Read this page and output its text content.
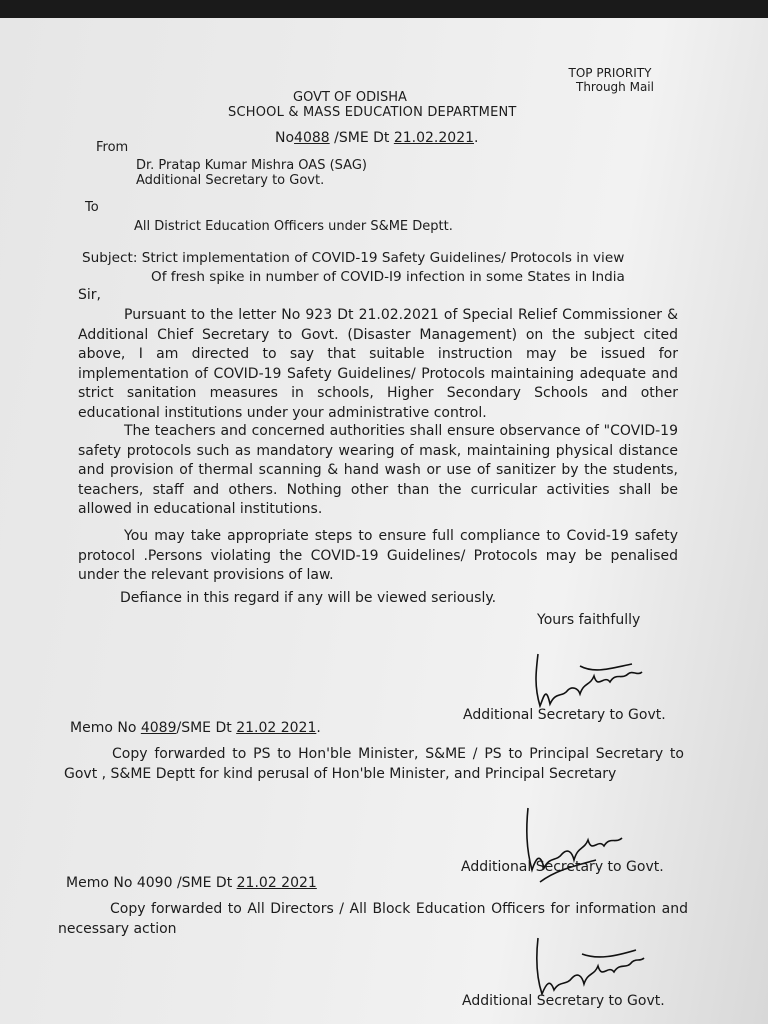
TOP PRIORITY
Through Mail
GOVT OF ODISHA
SCHOOL & MASS EDUCATION DEPARTMENT
No4088 /SME Dt 21.02.2021.
From
Dr. Pratap Kumar Mishra OAS (SAG)
Additional Secretary to Govt.
To
All District Education Officers under S&ME Deptt.
Subject: Strict implementation of COVID-19 Safety Guidelines/ Protocols in view
Of fresh spike in number of COVID-I9 infection in some States in India
Sir,
Pursuant to the letter No 923 Dt 21.02.2021 of Special Relief Commissioner & Additional Chief Secretary to Govt. (Disaster Management) on the subject cited above, I am directed to say that suitable instruction may be issued for implementation of COVID-19 Safety Guidelines/ Protocols maintaining adequate and strict sanitation measures in schools, Higher Secondary Schools and other educational institutions under your administrative control.
The teachers and concerned authorities shall ensure observance of "COVID-19 safety protocols such as mandatory wearing of mask, maintaining physical distance and provision of thermal scanning & hand wash or use of sanitizer by the students, teachers, staff and others. Nothing other than the curricular activities shall be allowed in educational institutions.
You may take appropriate steps to ensure full compliance to Covid-19 safety protocol .Persons violating the COVID-19 Guidelines/ Protocols may be penalised under the relevant provisions of law.
Defiance in this regard if any will be viewed seriously.
Yours faithfully
Additional Secretary to Govt.
Memo No 4089/SME Dt 21.02 2021.
Copy forwarded to PS to Hon'ble Minister, S&ME / PS to Principal Secretary to Govt , S&ME Deptt for kind perusal of Hon'ble Minister, and Principal Secretary
Additional Secretary to Govt.
Memo No 4090 /SME Dt 21.02 2021
Copy forwarded to All Directors / All Block Education Officers for information and necessary action
Additional Secretary to Govt.
